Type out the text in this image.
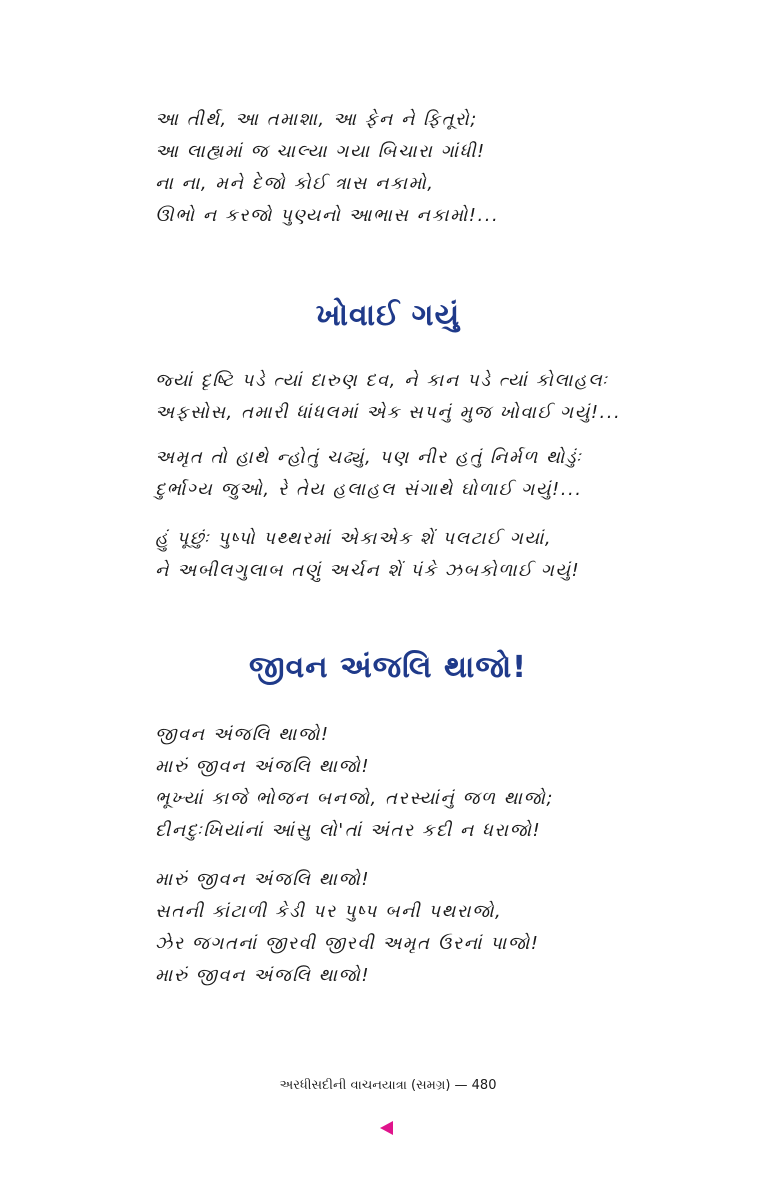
આ તીર્થ, આ તમાશા, આ ફેન ને ફિતૂરો;
આ લાહ્યમાં જ ચાલ્યા ગયા બિચારા ગાંધી!
ના ના, મને દેજો કોઈ ત્રાસ નકામો,
ઊભો ન કરજો પુણ્યનો આભાસ નકામો!...
ખોવાઈ ગયું
જ્યાં દૃષ્ટિ પડે ત્યાં દારુણ દવ, ને કાન પડે ત્યાં કોલાહલઃ
અફસોસ, તમારી ધાંધલમાં એક સપનું મુજ ખોવાઈ ગયું!...
અમૃત તો હાથે ન્હોતું ચઢ્યું, પણ નીર હતું નિર્મળ થોડુંઃ
દુર્ભાગ્ય જુઓ, રે તેય હલાહલ સંગાથે ઘોળાઈ ગયું!...
હું પૂછુંઃ પુષ્પો પથ્થરમાં એકાએક શેં પલટાઈ ગયાં,
ને અબીલગુલાબ તણું અર્ચન શેં પંકે ઝબકોળાઈ ગયું!
જીવન અંજલિ થાજો!
જીવન અંજલિ થાજો!
મારું જીવન અંજલિ થાજો!
ભૂખ્યાં કાજે ભોજન બનજો, તરસ્યાંનું જળ થાજો;
દીનદુઃખિયાંનાં આંસુ લો'તાં અંતર કદી ન ધરાજો!
મારું જીવન અંજલિ થાજો!
સતની કાંટાળી કેડી પર પુષ્પ બની પથરાજો,
ઝેર જગતનાં જીરવી જીરવી અમૃત ઉરનાં પાજો!
મારું જીવન અંજલિ થાજો!
અરધીસદીની વાચનયાત્રા (સમગ્ર) — 480
